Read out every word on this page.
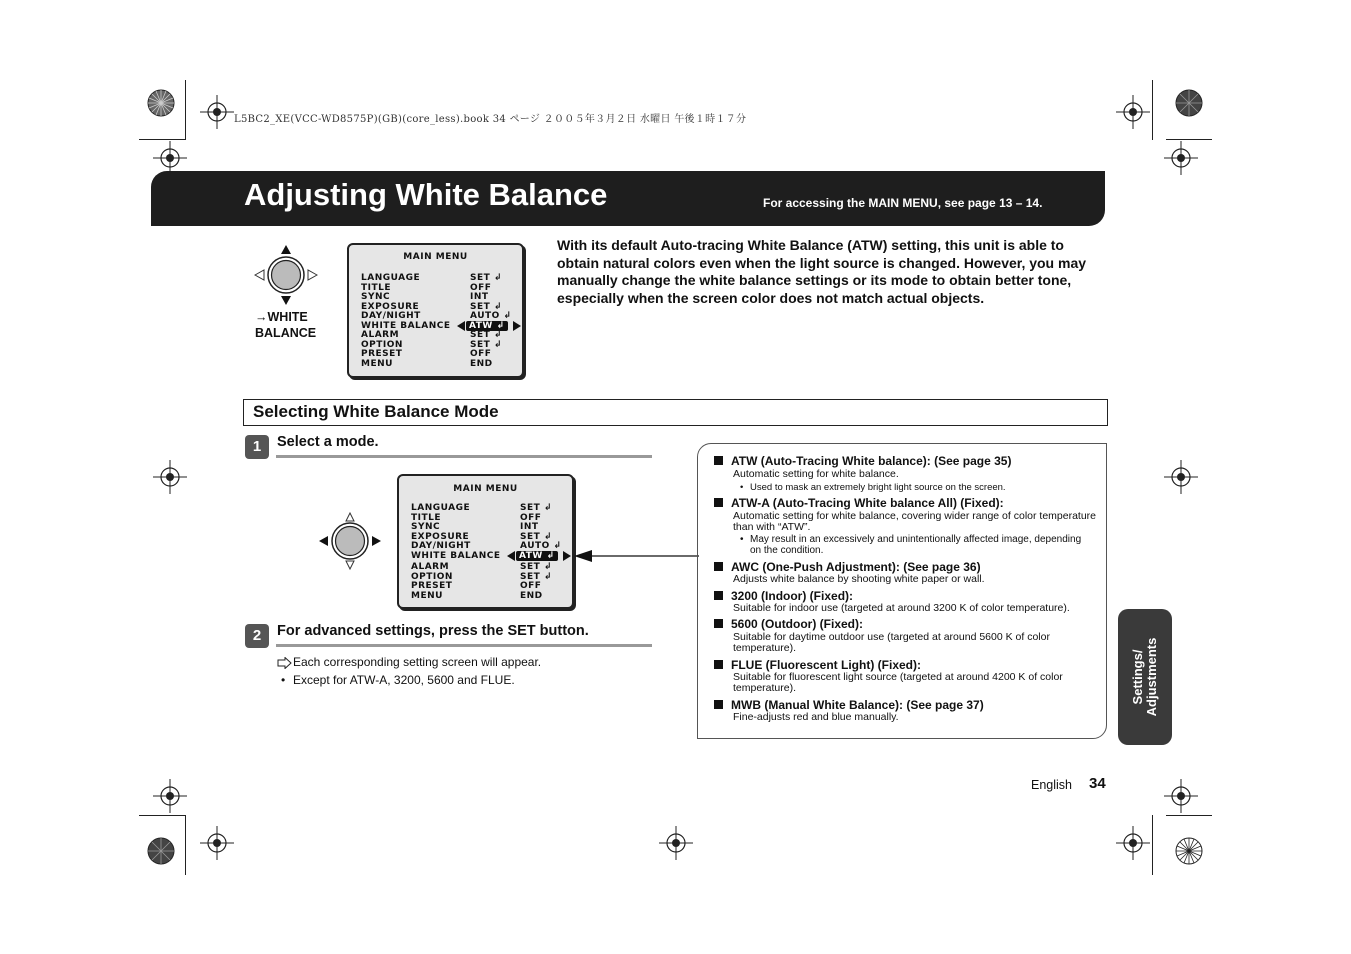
L5BC2_XE(VCC-WD8575P)(GB)(core_less).book 34 ページ ２００５年３月２日 水曜日 午後１時１７分
Adjusting White Balance	For accessing the MAIN MENU, see page 13 – 14.
→WHITE
BALANCE
MAIN MENU
LANGUAGE	SET ↲
TITLE	OFF
SYNC	INT
EXPOSURE	SET ↲
DAY/NIGHT	AUTO ↲
WHITE BALANCE	ATW ↲
ALARM	SET ↲
OPTION	SET ↲
PRESET	OFF
MENU	END
With its default Auto-tracing White Balance (ATW) setting, this unit is able to obtain natural colors even when the light source is changed. However, you may manually change the white balance settings or its mode to obtain better tone, especially when the screen color does not match actual objects.
Selecting White Balance Mode
1	Select a mode.
MAIN MENU
LANGUAGE	SET ↲
TITLE	OFF
SYNC	INT
EXPOSURE	SET ↲
DAY/NIGHT	AUTO ↲
WHITE BALANCE	ATW ↲
ALARM	SET ↲
OPTION	SET ↲
PRESET	OFF
MENU	END
2	For advanced settings, press the SET button.
Each corresponding setting screen will appear.
• Except for ATW-A, 3200, 5600 and FLUE.
ATW (Auto-Tracing White balance): (See page 35)
Automatic setting for white balance.
• Used to mask an extremely bright light source on the screen.
ATW-A (Auto-Tracing White balance All) (Fixed):
Automatic setting for white balance, covering wider range of color temperature than with “ATW”.
• May result in an excessively and unintentionally affected image, depending on the condition.
AWC (One-Push Adjustment): (See page 36)
Adjusts white balance by shooting white paper or wall.
3200 (Indoor) (Fixed):
Suitable for indoor use (targeted at around 3200 K of color temperature).
5600 (Outdoor) (Fixed):
Suitable for daytime outdoor use (targeted at around 5600 K of color temperature).
FLUE (Fluorescent Light) (Fixed):
Suitable for fluorescent light source (targeted at around 4200 K of color temperature).
MWB (Manual White Balance): (See page 37)
Fine-adjusts red and blue manually.
Settings/
Adjustments
English 34
